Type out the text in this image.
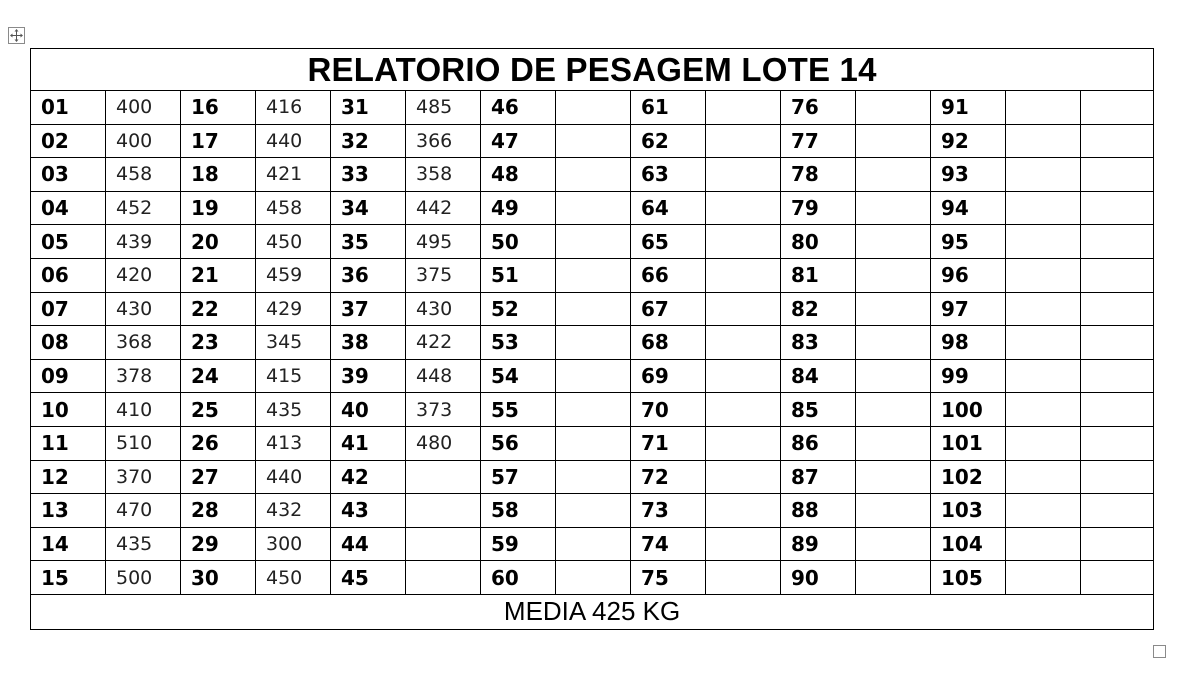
RELATORIO DE PESAGEM LOTE 14														
01	400	16	416	31	485	46		61		76		91		
02	400	17	440	32	366	47		62		77		92		
03	458	18	421	33	358	48		63		78		93		
04	452	19	458	34	442	49		64		79		94		
05	439	20	450	35	495	50		65		80		95		
06	420	21	459	36	375	51		66		81		96		
07	430	22	429	37	430	52		67		82		97		
08	368	23	345	38	422	53		68		83		98		
09	378	24	415	39	448	54		69		84		99		
10	410	25	435	40	373	55		70		85		100		
11	510	26	413	41	480	56		71		86		101		
12	370	27	440	42		57		72		87		102		
13	470	28	432	43		58		73		88		103		
14	435	29	300	44		59		74		89		104		
15	500	30	450	45		60		75		90		105		
MEDIA 425 KG														
